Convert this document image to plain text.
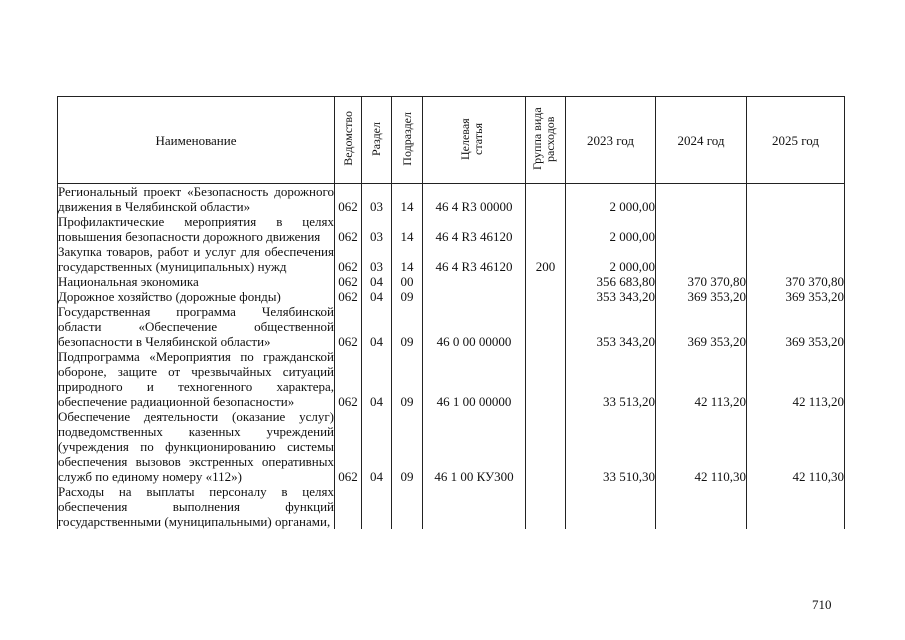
Наименование	Ведомство	Раздел	Подраздел	Целевая статья	Группа вида расходов	2023 год	2024 год	2025 год
Региональный проект «Безопасность дорожного движения в Челябинской области»	062	03	14	46 4 R3 00000		2 000,00		
Профилактические мероприятия в целях повышения безопасности дорожного движения	062	03	14	46 4 R3 46120		2 000,00		
Закупка товаров, работ и услуг для обеспечения государственных (муниципальных) нужд	062	03	14	46 4 R3 46120	200	2 000,00		
Национальная экономика	062	04	00			356 683,80	370 370,80	370 370,80
Дорожное хозяйство (дорожные фонды)	062	04	09			353 343,20	369 353,20	369 353,20
Государственная программа Челябинской области «Обеспечение общественной безопасности в Челябинской области»	062	04	09	46 0 00 00000		353 343,20	369 353,20	369 353,20
Подпрограмма «Мероприятия по гражданской обороне, защите от чрезвычайных ситуаций природного и техногенного характера, обеспечение радиационной безопасности»	062	04	09	46 1 00 00000		33 513,20	42 113,20	42 113,20
Обеспечение деятельности (оказание услуг) подведомственных казенных учреждений (учреждения по функционированию системы обеспечения вызовов экстренных оперативных служб по единому номеру «112»)	062	04	09	46 1 00 КУ300		33 510,30	42 110,30	42 110,30
Расходы на выплаты персоналу в целях обеспечения выполнения функций государственными (муниципальными) органами,								
710
